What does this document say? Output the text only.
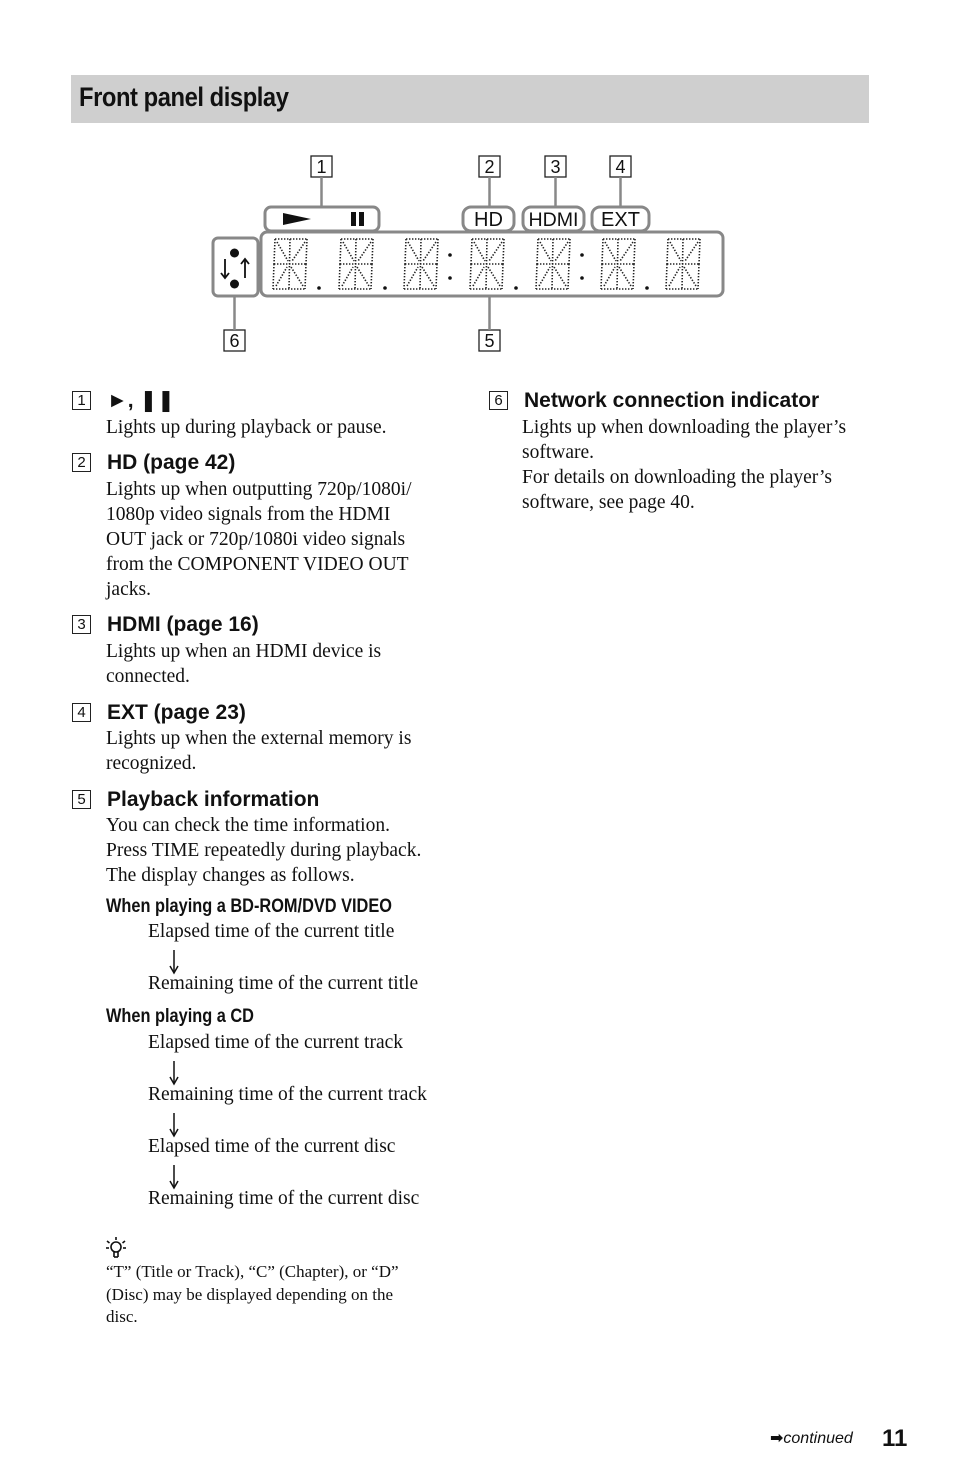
Front panel display
1	2	3	4
6	5
HD HDMI EXT
1 ►, ❚❚
Lights up during playback or pause.
2 HD (page 42)
Lights up when outputting 720p/1080i/
1080p video signals from the HDMI
OUT jack or 720p/1080i video signals
from the COMPONENT VIDEO OUT
jacks.
3 HDMI (page 16)
Lights up when an HDMI device is
connected.
4 EXT (page 23)
Lights up when the external memory is
recognized.
5 Playback information
You can check the time information.
Press TIME repeatedly during playback.
The display changes as follows.
When playing a BD-ROM/DVD VIDEO
Elapsed time of the current title
Remaining time of the current title
When playing a CD
Elapsed time of the current track
Remaining time of the current track
Elapsed time of the current disc
Remaining time of the current disc
“T” (Title or Track), “C” (Chapter), or “D”
(Disc) may be displayed depending on the
disc.
6 Network connection indicator
Lights up when downloading the player’s
software.
For details on downloading the player’s
software, see page 40.
➡continued 11
